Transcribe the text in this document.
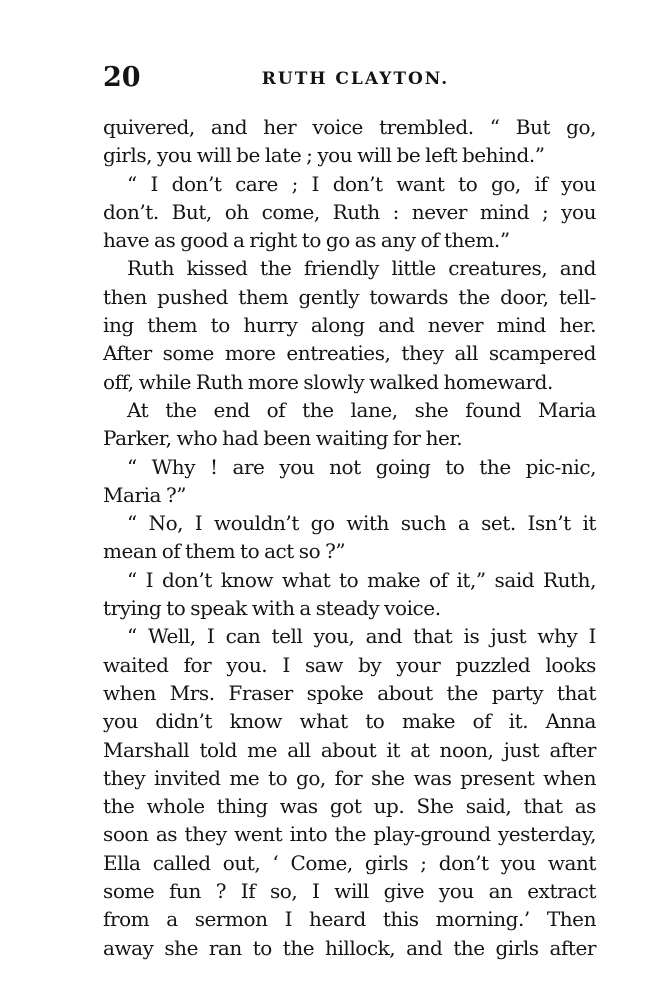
20	RUTH CLAYTON.
quivered, and her voice trembled. “ But go,
girls, you will be late ; you will be left behind.”
“ I don’t care ; I don’t want to go, if you
don’t. But, oh come, Ruth : never mind ; you
have as good a right to go as any of them.”
Ruth kissed the friendly little creatures, and
then pushed them gently towards the door, tell-
ing them to hurry along and never mind her.
After some more entreaties, they all scampered
off, while Ruth more slowly walked homeward.
At the end of the lane, she found Maria
Parker, who had been waiting for her.
“ Why ! are you not going to the pic-nic,
Maria ?”
“ No, I wouldn’t go with such a set. Isn’t it
mean of them to act so ?”
“ I don’t know what to make of it,” said Ruth,
trying to speak with a steady voice.
“ Well, I can tell you, and that is just why I
waited for you. I saw by your puzzled looks
when Mrs. Fraser spoke about the party that
you didn’t know what to make of it. Anna
Marshall told me all about it at noon, just after
they invited me to go, for she was present when
the whole thing was got up. She said, that as
soon as they went into the play-ground yesterday,
Ella called out, ‘ Come, girls ; don’t you want
some fun ? If so, I will give you an extract
from a sermon I heard this morning.’ Then
away she ran to the hillock, and the girls after
